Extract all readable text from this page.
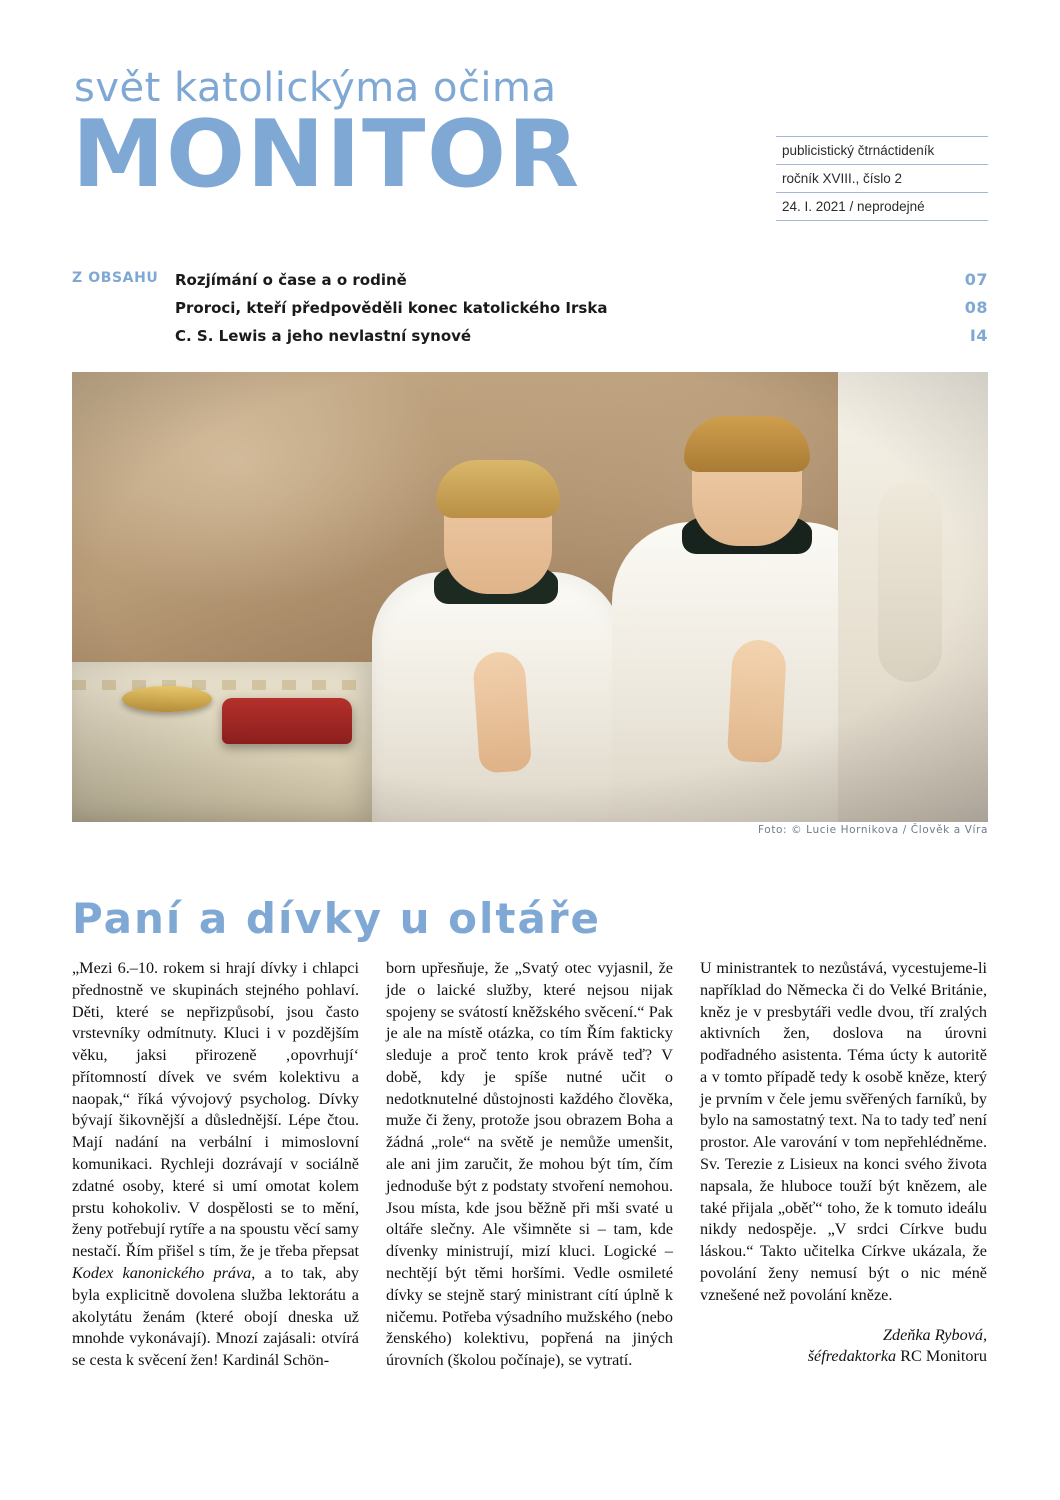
svět katolickýma očima
MONITOR	publicistický čtrnáctideník
ročník XVIII., číslo 2
24. I. 2021 / neprodejné
Z OBSAHU	Rozjímání o čase a o rodině	07
Proroci, kteří předpověděli konec katolického Irska	08
C. S. Lewis a jeho nevlastní synové	I4
Foto: © Lucie Hornikova / Člověk a Víra
Paní a dívky u oltáře

„Mezi 6.–10. rokem si hrají dívky i chlapci přednostně ve skupinách stejného pohlaví. Děti, které se nepřizpůsobí, jsou často vrstevníky odmítnuty. Kluci i v pozdějším věku, jaksi přirozeně ‚opovrhují‘ přítomností dívek ve svém kolektivu a naopak,“ říká vývojový psycholog. Dívky bývají šikovnější a důslednější. Lépe čtou. Mají nadání na verbální i mimoslovní komunikaci. Rychleji dozrávají v sociálně zdatné osoby, které si umí omotat kolem prstu kohokoliv. V dospělosti se to mění, ženy potřebují rytíře a na spoustu věcí samy nestačí. Řím přišel s tím, že je třeba přepsat Kodex kanonického práva, a to tak, aby byla explicitně dovolena služba lektorátu a akolytátu ženám (které obojí dneska už mnohde vykonávají). Mnozí zajásali: otvírá se cesta k svěcení žen! Kardinál Schön-

born upřesňuje, že „Svatý otec vyjasnil, že jde o laické služby, které nejsou nijak spojeny se svátostí kněžského svěcení.“ Pak je ale na místě otázka, co tím Řím fakticky sleduje a proč tento krok právě teď? V době, kdy je spíše nutné učit o nedotknutelné důstojnosti každého člověka, muže či ženy, protože jsou obrazem Boha a žádná „role“ na světě je nemůže umenšit, ale ani jim zaručit, že mohou být tím, čím jednoduše být z podstaty stvoření nemohou. Jsou místa, kde jsou běžně při mši svaté u oltáře slečny. Ale všimněte si – tam, kde dívenky ministrují, mizí kluci. Logické – nechtějí být těmi horšími. Vedle osmileté dívky se stejně starý ministrant cítí úplně k ničemu. Potřeba výsadního mužského (nebo ženského) kolektivu, popřená na jiných úrovních (školou počínaje), se vytratí.

U ministrantek to nezůstává, vycestujeme-li například do Německa či do Velké Británie, kněz je v presbytáři vedle dvou, tří zralých aktivních žen, doslova na úrovni podřadného asistenta. Téma úcty k autoritě a v tomto případě tedy k osobě kněze, který je prvním v čele jemu svěřených farníků, by bylo na samostatný text. Na to tady teď není prostor. Ale varování v tom nepřehlédněme. Sv. Terezie z Lisieux na konci svého života napsala, že hluboce touží být knězem, ale také přijala „oběť“ toho, že k tomuto ideálu nikdy nedospěje. „V srdci Církve budu láskou.“ Takto učitelka Církve ukázala, že povolání ženy nemusí být o nic méně vznešené než povolání kněze.

Zdeňka Rybová,
šéfredaktorka RC Monitoru
